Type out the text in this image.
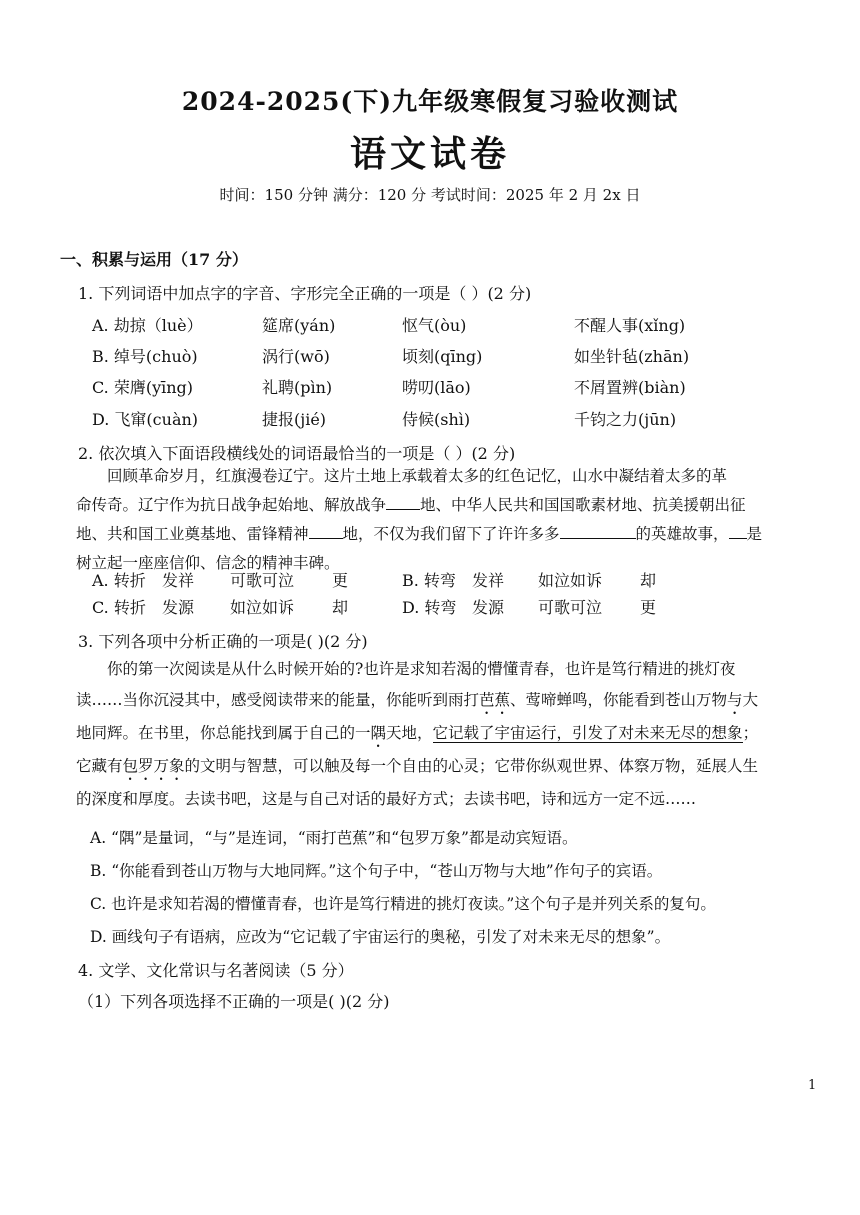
2024-2025(下)九年级寒假复习验收测试
语文试卷
时间：150 分钟 满分：120 分 考试时间：2025 年 2 月 2x 日
一、积累与运用（17 分）
1. 下列词语中加点字的字音、字形完全正确的一项是（ ）(2 分)
A. 劫掠（luè）	筵席(yán)	怄气(òu)	不醒人事(xǐng)
B. 绰号(chuò)	涡行(wō)	顷刻(qīng)	如坐针毡(zhān)
C. 荣膺(yīng)	礼聘(pìn)	唠叨(lāo)	不屑置辨(biàn)
D. 飞窜(cuàn)	捷报(jié)	侍候(shì)	千钧之力(jūn)
2. 依次填入下面语段横线处的词语最恰当的一项是（ ）(2 分)
回顾革命岁月，红旗漫卷辽宁。这片土地上承载着太多的红色记忆，山水中凝结着太多的革
命传奇。辽宁作为抗日战争起始地、解放战争 地、中华人民共和国国歌素材地、抗美援朝出征
地、共和国工业奠基地、雷锋精神 地，不仅为我们留下了许许多多	的英雄故事， 是
树立起一座座信仰、信念的精神丰碑。
A. 转折 发祥 可歌可泣 更	B. 转弯 发祥 如泣如诉 却
C. 转折 发源 如泣如诉 却	D. 转弯 发源 可歌可泣 更
3. 下列各项中分析正确的一项是( )(2 分)
你的第一次阅读是从什么时候开始的?也许是求知若渴的懵懂青春，也许是笃行精进的挑灯夜
读……当你沉浸其中，感受阅读带来的能量，你能听到雨打芭蕉、莺啼蝉鸣，你能看到苍山万物与大
地同辉。在书里，你总能找到属于自己的一隅天地，它记载了宇宙运行，引发了对未来无尽的想象；
它藏有包罗万象的文明与智慧，可以触及每一个自由的心灵；它带你纵观世界、体察万物，延展人生
的深度和厚度。去读书吧，这是与自己对话的最好方式；去读书吧，诗和远方一定不远……
A. “隅”是量词，“与”是连词，“雨打芭蕉”和“包罗万象”都是动宾短语。
B. “你能看到苍山万物与大地同辉。”这个句子中，“苍山万物与大地”作句子的宾语。
C. 也许是求知若渴的懵懂青春，也许是笃行精进的挑灯夜读。”这个句子是并列关系的复句。
D. 画线句子有语病，应改为“它记载了宇宙运行的奥秘，引发了对未来无尽的想象”。
4. 文学、文化常识与名著阅读（5 分）
（1）下列各项选择不正确的一项是( )(2 分)
1
